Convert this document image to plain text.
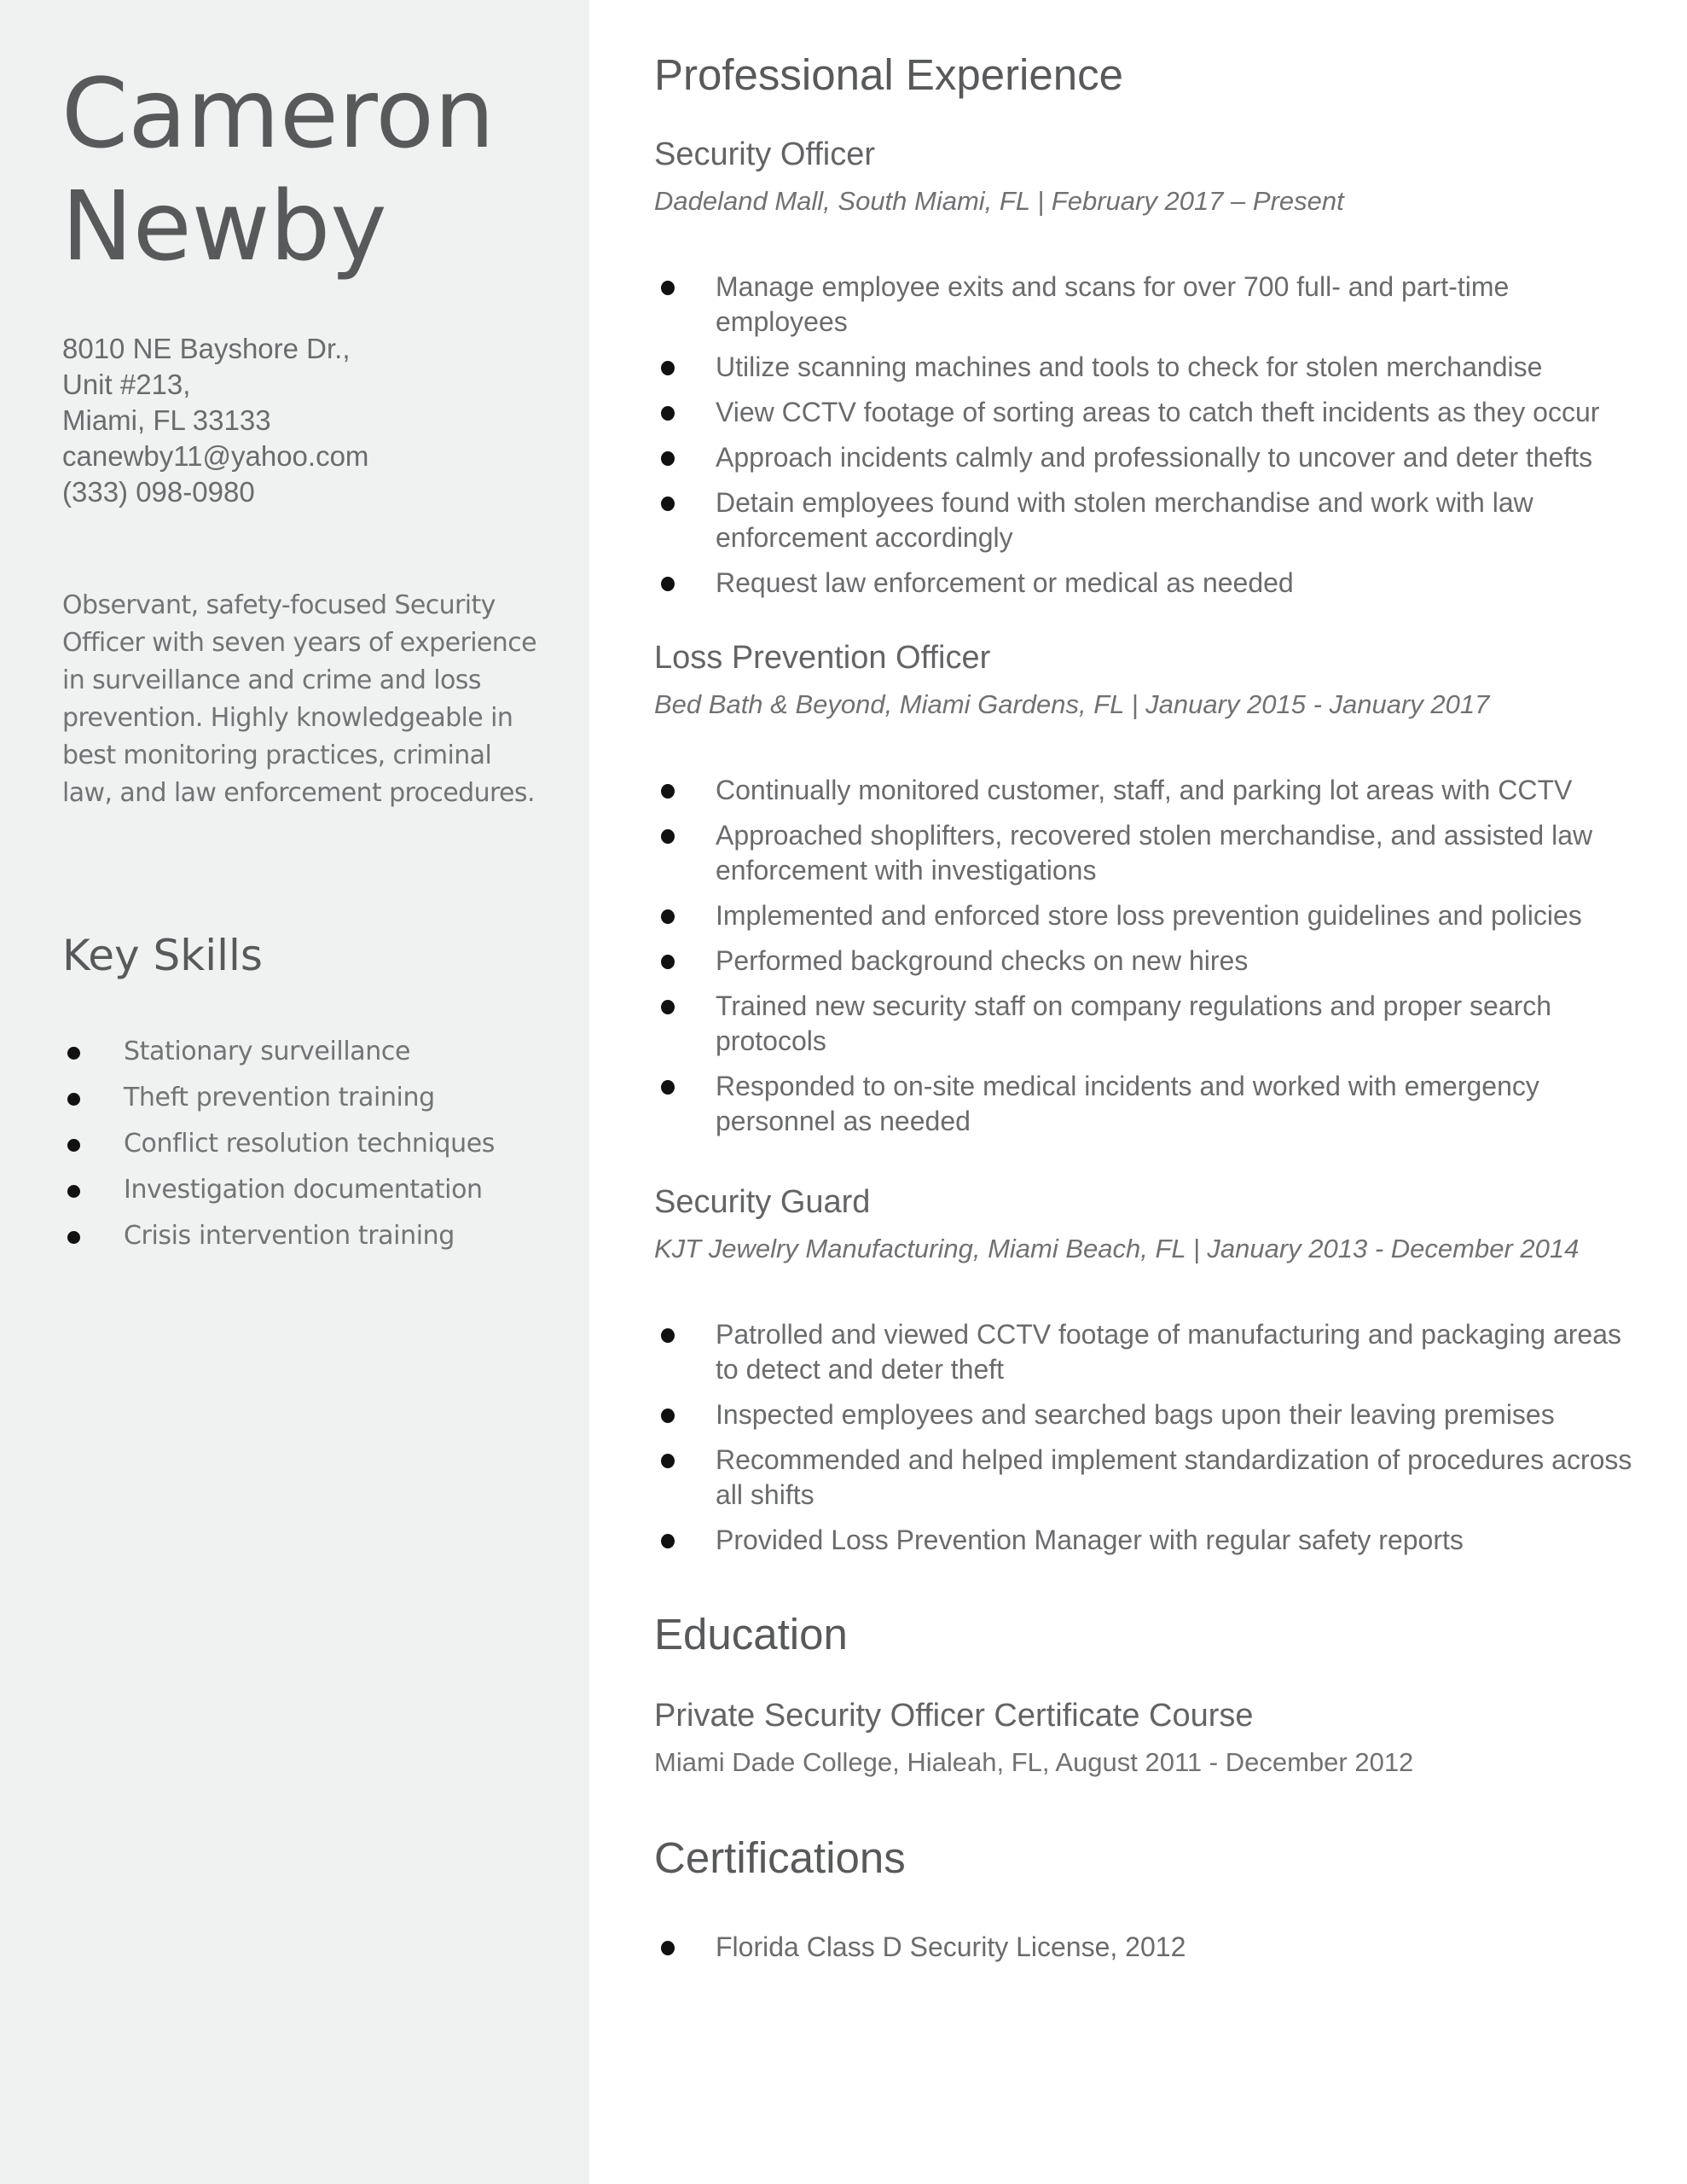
Cameron
Newby
8010 NE Bayshore Dr.,
Unit #213,
Miami, FL 33133
canewby11@yahoo.com
(333) 098-0980

Observant, safety-focused Security Officer with seven years of experience in surveillance and crime and loss prevention. Highly knowledgeable in best monitoring practices, criminal law, and law enforcement procedures.

Key Skills
Stationary surveillance
Theft prevention training
Conflict resolution techniques
Investigation documentation
Crisis intervention training
Professional Experience
Security Officer

Dadeland Mall, South Miami, FL | February 2017 – Present

Manage employee exits and scans for over 700 full- and part-time employees
Utilize scanning machines and tools to check for stolen merchandise
View CCTV footage of sorting areas to catch theft incidents as they occur
Approach incidents calmly and professionally to uncover and deter thefts
Detain employees found with stolen merchandise and work with law enforcement accordingly
Request law enforcement or medical as needed
Loss Prevention Officer

Bed Bath & Beyond, Miami Gardens, FL | January 2015 - January 2017

Continually monitored customer, staff, and parking lot areas with CCTV
Approached shoplifters, recovered stolen merchandise, and assisted law enforcement with investigations
Implemented and enforced store loss prevention guidelines and policies
Performed background checks on new hires
Trained new security staff on company regulations and proper search protocols
Responded to on-site medical incidents and worked with emergency personnel as needed
Security Guard

KJT Jewelry Manufacturing, Miami Beach, FL | January 2013 - December 2014

Patrolled and viewed CCTV footage of manufacturing and packaging areas to detect and deter theft
Inspected employees and searched bags upon their leaving premises
Recommended and helped implement standardization of procedures across all shifts
Provided Loss Prevention Manager with regular safety reports
Education
Private Security Officer Certificate Course

Miami Dade College, Hialeah, FL, August 2011 - December 2012

Certifications
Florida Class D Security License, 2012
